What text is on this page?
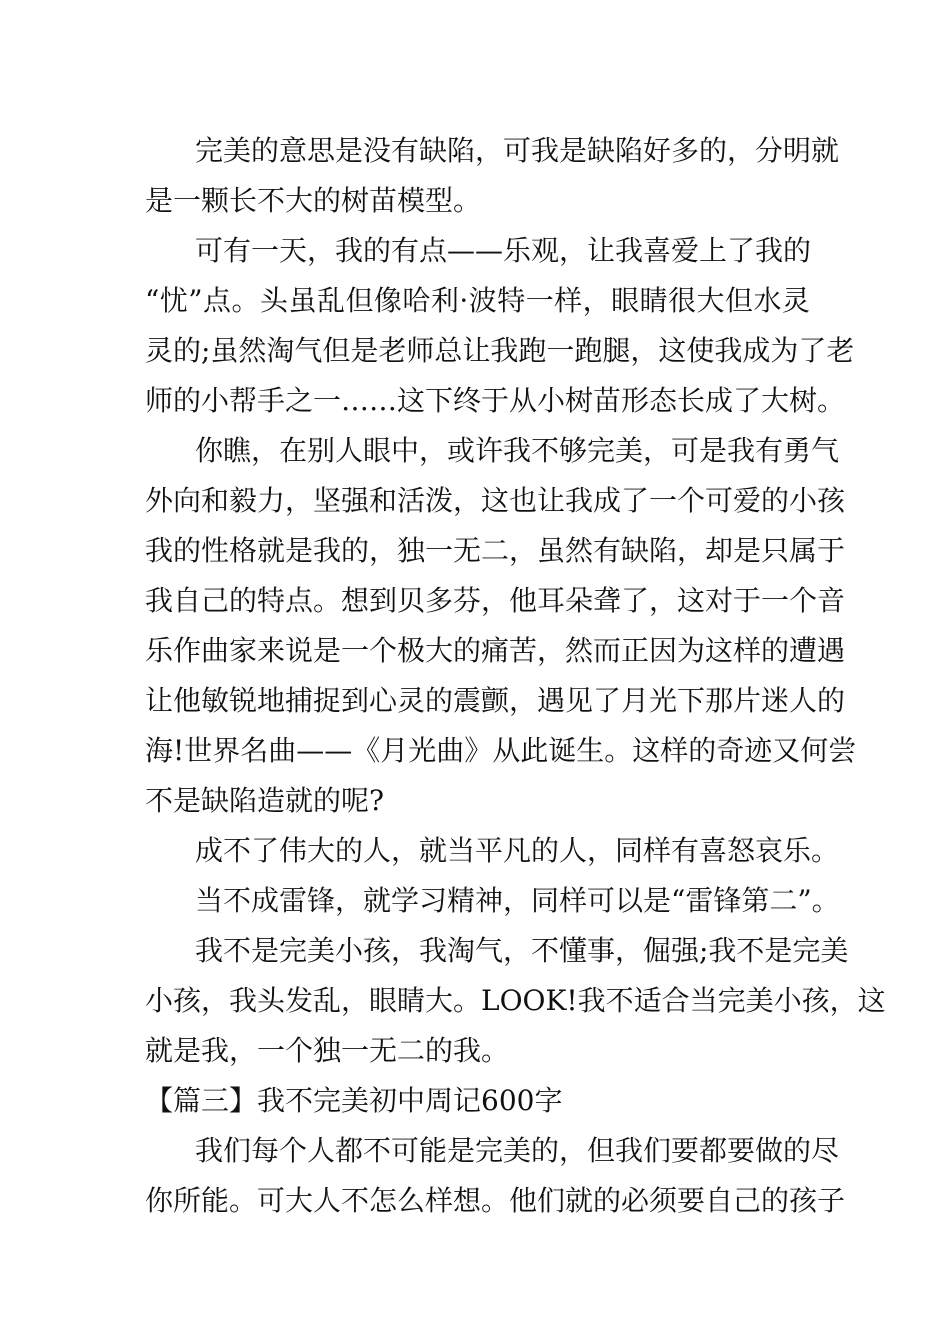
完美的意思是没有缺陷，可我是缺陷好多的，分明就
是一颗长不大的树苗模型。
可有一天，我的有点——乐观，让我喜爱上了我的
“忧”点。头虽乱但像哈利·波特一样，眼睛很大但水灵
灵的;虽然淘气但是老师总让我跑一跑腿，这使我成为了老
师的小帮手之一……这下终于从小树苗形态长成了大树。
你瞧，在别人眼中，或许我不够完美，可是我有勇气
外向和毅力，坚强和活泼，这也让我成了一个可爱的小孩
我的性格就是我的，独一无二，虽然有缺陷，却是只属于
我自己的特点。想到贝多芬，他耳朵聋了，这对于一个音
乐作曲家来说是一个极大的痛苦，然而正因为这样的遭遇
让他敏锐地捕捉到心灵的震颤，遇见了月光下那片迷人的
海!世界名曲——《月光曲》从此诞生。这样的奇迹又何尝
不是缺陷造就的呢?
成不了伟大的人，就当平凡的人，同样有喜怒哀乐。
当不成雷锋，就学习精神，同样可以是“雷锋第二”。
我不是完美小孩，我淘气，不懂事，倔强;我不是完美
小孩，我头发乱，眼睛大。LOOK!我不适合当完美小孩，这
就是我，一个独一无二的我。
【篇三】我不完美初中周记600字
我们每个人都不可能是完美的，但我们要都要做的尽
你所能。可大人不怎么样想。他们就的必须要自己的孩子
